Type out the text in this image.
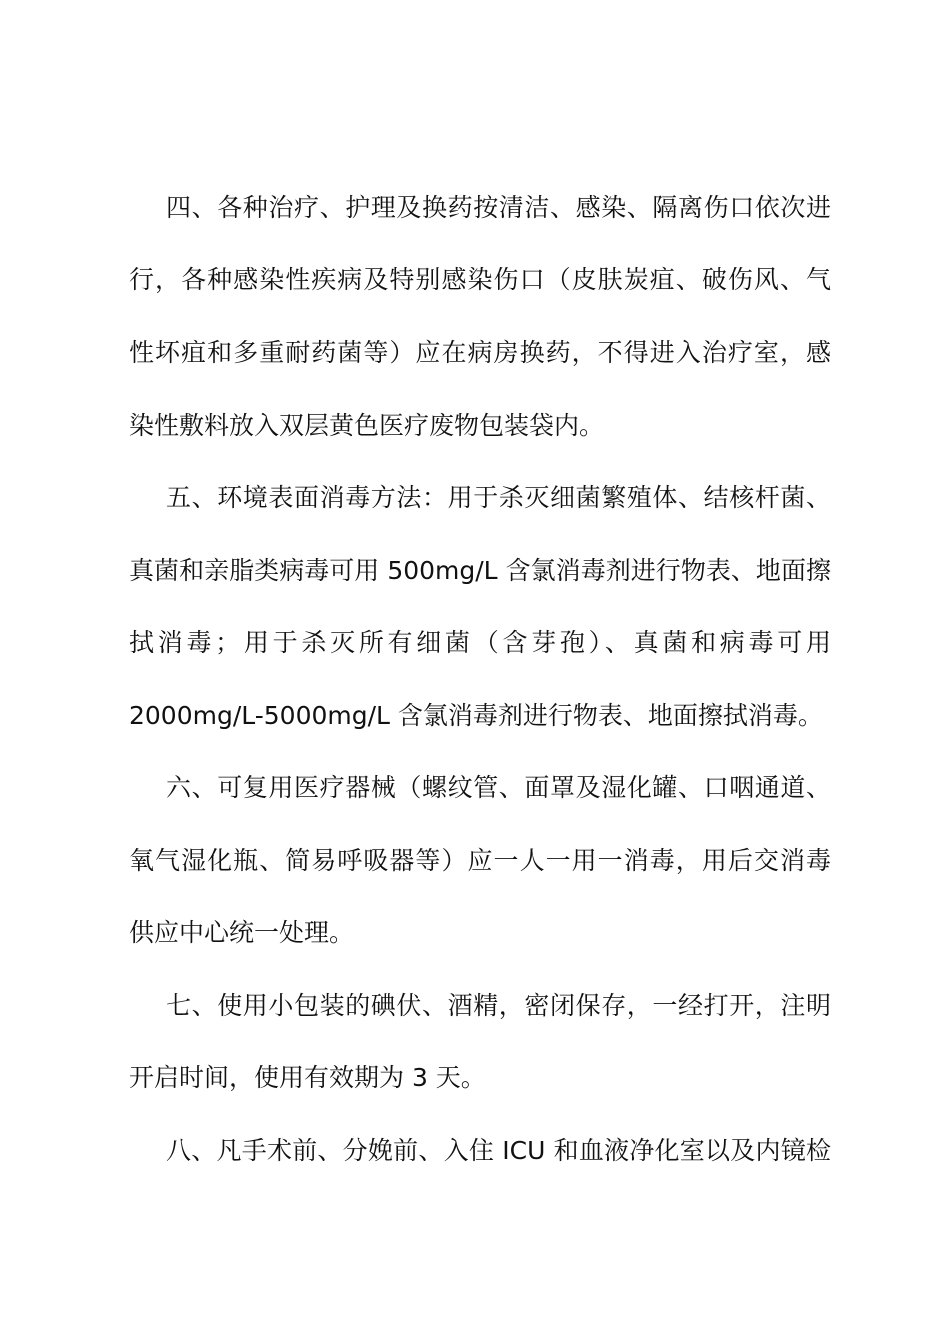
四、各种治疗、护理及换药按清洁、感染、隔离伤口依次进
行，各种感染性疾病及特别感染伤口（皮肤炭疽、破伤风、气
性坏疽和多重耐药菌等）应在病房换药，不得进入治疗室，感
染性敷料放入双层黄色医疗废物包装袋内。
五、环境表面消毒方法：用于杀灭细菌繁殖体、结核杆菌、
真菌和亲脂类病毒可用 500mg/L 含氯消毒剂进行物表、地面擦
拭消毒；用于杀灭所有细菌（含芽孢）、真菌和病毒可用
2000mg/L-5000mg/L 含氯消毒剂进行物表、地面擦拭消毒。
六、可复用医疗器械（螺纹管、面罩及湿化罐、口咽通道、
氧气湿化瓶、简易呼吸器等）应一人一用一消毒，用后交消毒
供应中心统一处理。
七、使用小包装的碘伏、酒精，密闭保存，一经打开，注明
开启时间，使用有效期为 3 天。
八、凡手术前、分娩前、入住 ICU 和血液净化室以及内镜检
